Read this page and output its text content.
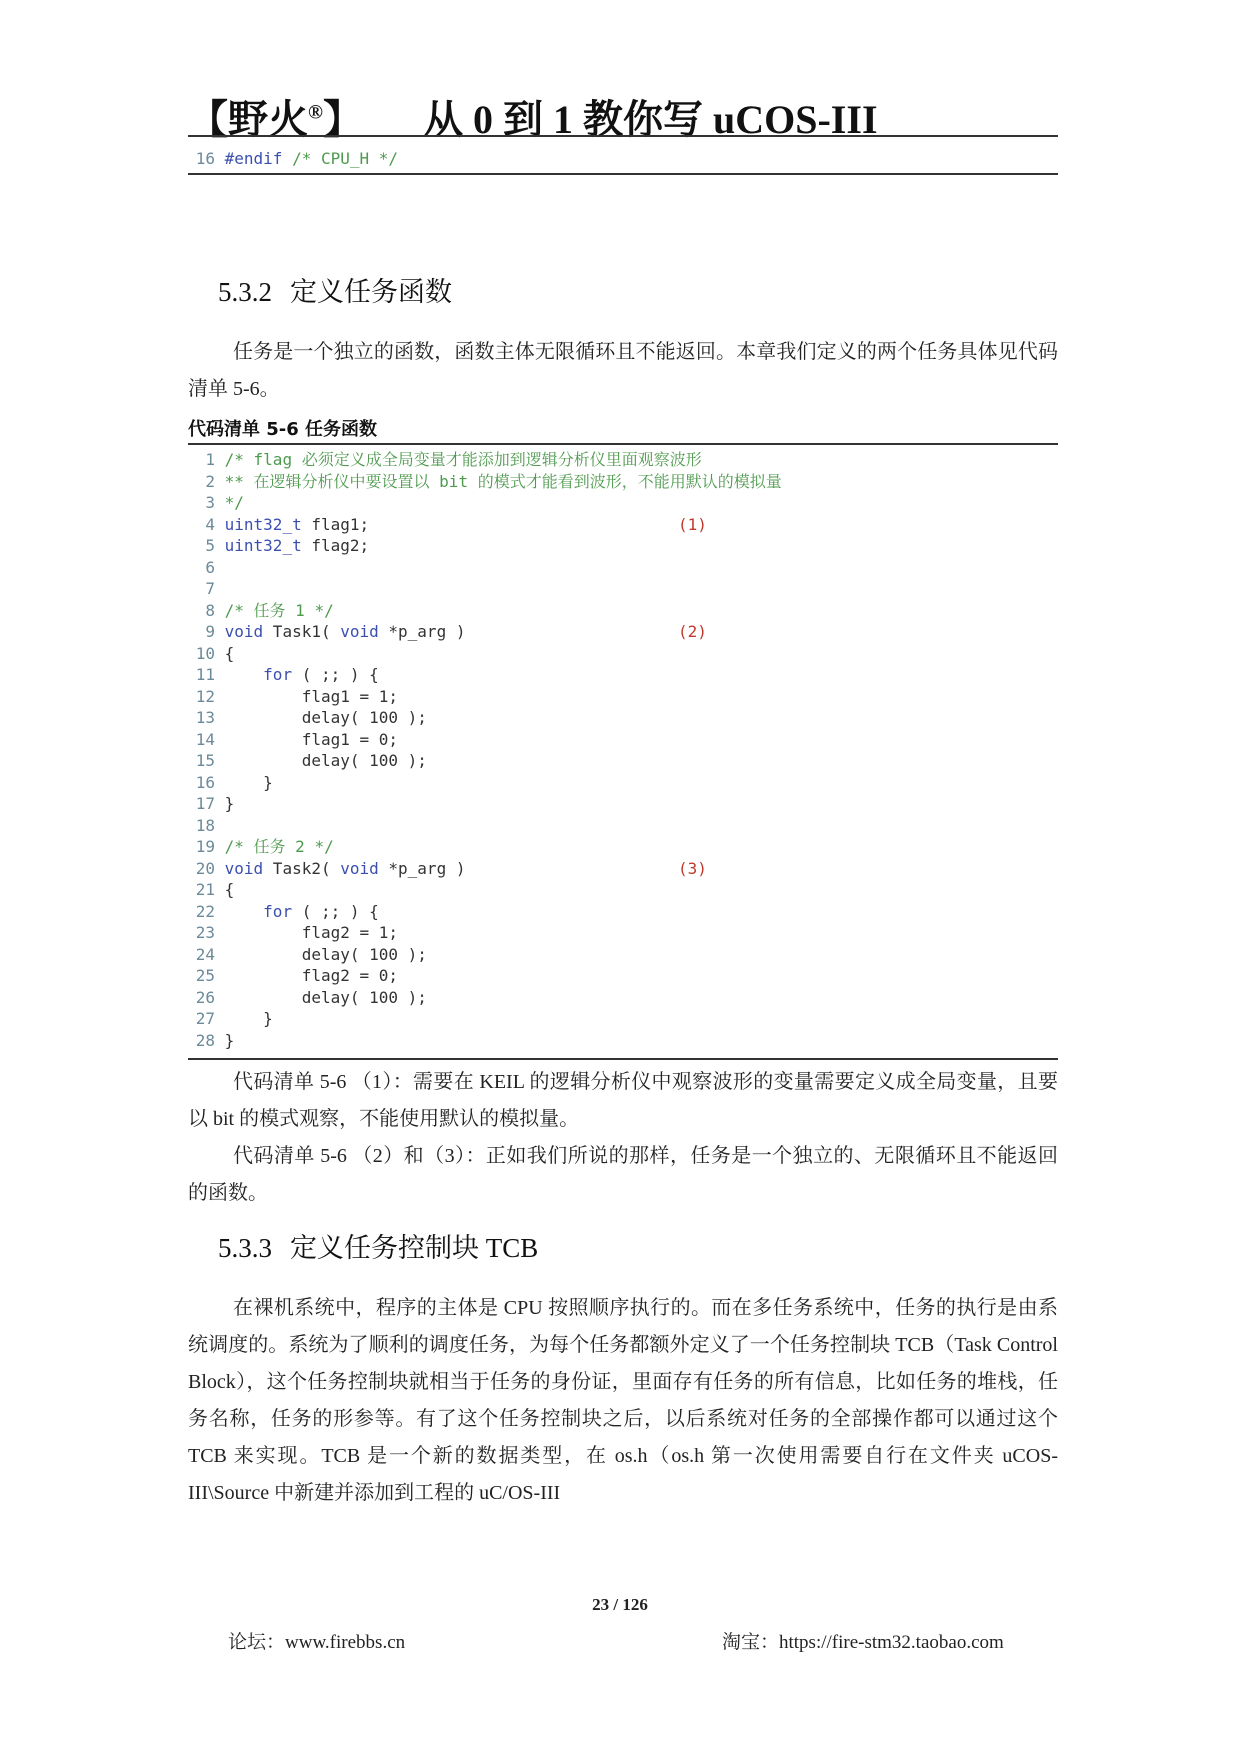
【野火®】 从 0 到 1 教你写 uCOS-III
16 #endif /* CPU_H */
5.3.2 定义任务函数

任务是一个独立的函数，函数主体无限循环且不能返回。本章我们定义的两个任务具体见代码清单 5-6。

代码清单 5-6 任务函数
1 /* flag 必须定义成全局变量才能添加到逻辑分析仪里面观察波形
2 ** 在逻辑分析仪中要设置以 bit 的模式才能看到波形，不能用默认的模拟量
3 */
4 uint32_t flag1;	(1)
5 uint32_t flag2;
6
7
8 /* 任务 1 */
9 void Task1( void *p_arg )	(2)
10 {
11	for ( ;; ) {
12         flag1 = 1;
13         delay( 100 );
14         flag1 = 0;
15         delay( 100 );
16     }
17 }
18
19 /* 任务 2 */
20 void Task2( void *p_arg )	(3)
21 {
22	for ( ;; ) {
23         flag2 = 1;
24         delay( 100 );
25         flag2 = 0;
26         delay( 100 );
27     }
28 }

代码清单 5-6 （1）：需要在 KEIL 的逻辑分析仪中观察波形的变量需要定义成全局变量，且要以 bit 的模式观察，不能使用默认的模拟量。

代码清单 5-6 （2）和（3）：正如我们所说的那样，任务是一个独立的、无限循环且不能返回的函数。

5.3.3 定义任务控制块 TCB

在裸机系统中，程序的主体是 CPU 按照顺序执行的。而在多任务系统中，任务的执行是由系统调度的。系统为了顺利的调度任务，为每个任务都额外定义了一个任务控制块 TCB（Task Control Block），这个任务控制块就相当于任务的身份证，里面存有任务的所有信息，比如任务的堆栈，任务名称，任务的形参等。有了这个任务控制块之后，以后系统对任务的全部操作都可以通过这个 TCB 来实现。TCB 是一个新的数据类型，在 os.h（os.h 第一次使用需要自行在文件夹 uCOS-III\Source 中新建并添加到工程的 uC/OS-III

23 / 126
论坛：www.firebbs.cn	淘宝：https://fire-stm32.taobao.com
